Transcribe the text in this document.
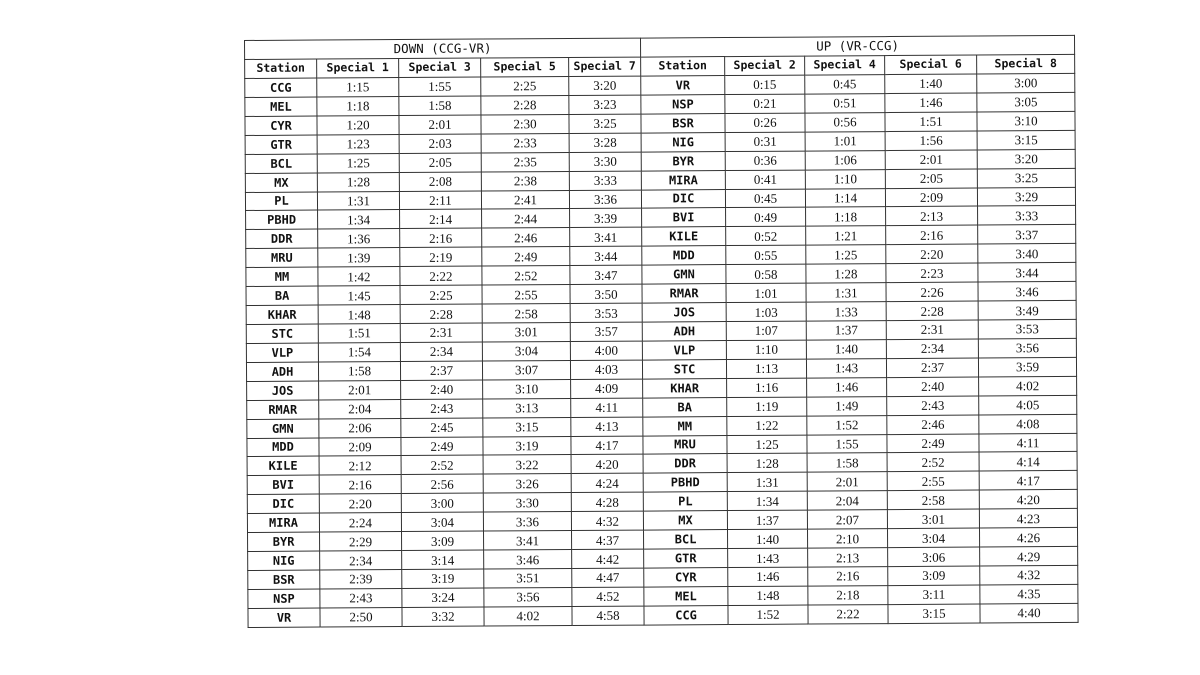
DOWN (CCG-VR)					UP (VR-CCG)				
Station	Special 1	Special 3	Special 5	Special 7	Station	Special 2	Special 4	Special 6	Special 8
CCG	1:15	1:55	2:25	3:20	VR	0:15	0:45	1:40	3:00
MEL	1:18	1:58	2:28	3:23	NSP	0:21	0:51	1:46	3:05
CYR	1:20	2:01	2:30	3:25	BSR	0:26	0:56	1:51	3:10
GTR	1:23	2:03	2:33	3:28	NIG	0:31	1:01	1:56	3:15
BCL	1:25	2:05	2:35	3:30	BYR	0:36	1:06	2:01	3:20
MX	1:28	2:08	2:38	3:33	MIRA	0:41	1:10	2:05	3:25
PL	1:31	2:11	2:41	3:36	DIC	0:45	1:14	2:09	3:29
PBHD	1:34	2:14	2:44	3:39	BVI	0:49	1:18	2:13	3:33
DDR	1:36	2:16	2:46	3:41	KILE	0:52	1:21	2:16	3:37
MRU	1:39	2:19	2:49	3:44	MDD	0:55	1:25	2:20	3:40
MM	1:42	2:22	2:52	3:47	GMN	0:58	1:28	2:23	3:44
BA	1:45	2:25	2:55	3:50	RMAR	1:01	1:31	2:26	3:46
KHAR	1:48	2:28	2:58	3:53	JOS	1:03	1:33	2:28	3:49
STC	1:51	2:31	3:01	3:57	ADH	1:07	1:37	2:31	3:53
VLP	1:54	2:34	3:04	4:00	VLP	1:10	1:40	2:34	3:56
ADH	1:58	2:37	3:07	4:03	STC	1:13	1:43	2:37	3:59
JOS	2:01	2:40	3:10	4:09	KHAR	1:16	1:46	2:40	4:02
RMAR	2:04	2:43	3:13	4:11	BA	1:19	1:49	2:43	4:05
GMN	2:06	2:45	3:15	4:13	MM	1:22	1:52	2:46	4:08
MDD	2:09	2:49	3:19	4:17	MRU	1:25	1:55	2:49	4:11
KILE	2:12	2:52	3:22	4:20	DDR	1:28	1:58	2:52	4:14
BVI	2:16	2:56	3:26	4:24	PBHD	1:31	2:01	2:55	4:17
DIC	2:20	3:00	3:30	4:28	PL	1:34	2:04	2:58	4:20
MIRA	2:24	3:04	3:36	4:32	MX	1:37	2:07	3:01	4:23
BYR	2:29	3:09	3:41	4:37	BCL	1:40	2:10	3:04	4:26
NIG	2:34	3:14	3:46	4:42	GTR	1:43	2:13	3:06	4:29
BSR	2:39	3:19	3:51	4:47	CYR	1:46	2:16	3:09	4:32
NSP	2:43	3:24	3:56	4:52	MEL	1:48	2:18	3:11	4:35
VR	2:50	3:32	4:02	4:58	CCG	1:52	2:22	3:15	4:40
